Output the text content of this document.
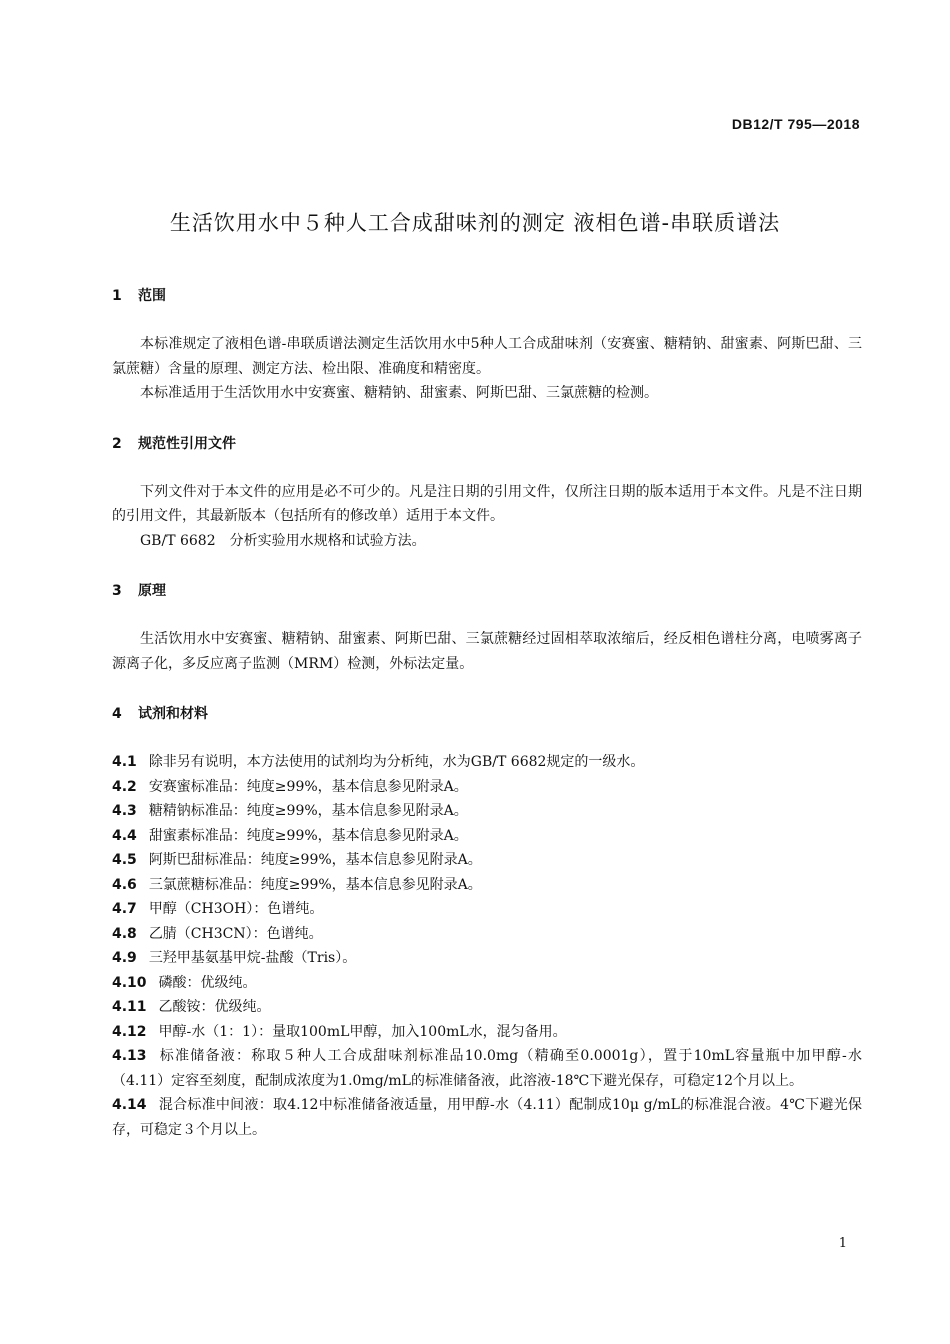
DB12/T 795—2018
生活饮用水中５种人工合成甜味剂的测定 液相色谱-串联质谱法
1 范围

本标准规定了液相色谱-串联质谱法测定生活饮用水中5种人工合成甜味剂（安赛蜜、糖精钠、甜蜜素、阿斯巴甜、三氯蔗糖）含量的原理、测定方法、检出限、准确度和精密度。

本标准适用于生活饮用水中安赛蜜、糖精钠、甜蜜素、阿斯巴甜、三氯蔗糖的检测。

2 规范性引用文件

下列文件对于本文件的应用是必不可少的。凡是注日期的引用文件，仅所注日期的版本适用于本文件。凡是不注日期的引用文件，其最新版本（包括所有的修改单）适用于本文件。

GB/T 6682　分析实验用水规格和试验方法。

3 原理

生活饮用水中安赛蜜、糖精钠、甜蜜素、阿斯巴甜、三氯蔗糖经过固相萃取浓缩后，经反相色谱柱分离，电喷雾离子源离子化，多反应离子监测（MRM）检测，外标法定量。

4 试剂和材料
4.1 除非另有说明，本方法使用的试剂均为分析纯，水为GB/T 6682规定的一级水。
4.2 安赛蜜标准品：纯度≥99%，基本信息参见附录A。
4.3 糖精钠标准品：纯度≥99%，基本信息参见附录A。
4.4 甜蜜素标准品：纯度≥99%，基本信息参见附录A。
4.5 阿斯巴甜标准品：纯度≥99%，基本信息参见附录A。
4.6 三氯蔗糖标准品：纯度≥99%，基本信息参见附录A。
4.7 甲醇（CH3OH）：色谱纯。
4.8 乙腈（CH3CN）：色谱纯。
4.9 三羟甲基氨基甲烷-盐酸（Tris）。
4.10 磷酸：优级纯。
4.11 乙酸铵：优级纯。
4.12 甲醇-水（1：1）：量取100mL甲醇，加入100mL水，混匀备用。
4.13 标准储备液：称取５种人工合成甜味剂标准品10.0mg（精确至0.0001g），置于10mL容量瓶中加甲醇-水（4.11）定容至刻度，配制成浓度为1.0mg/mL的标准储备液，此溶液-18℃下避光保存，可稳定12个月以上。
4.14 混合标准中间液：取4.12中标准储备液适量，用甲醇-水（4.11）配制成10μ g/mL的标准混合液。4℃下避光保存，可稳定３个月以上。
1
